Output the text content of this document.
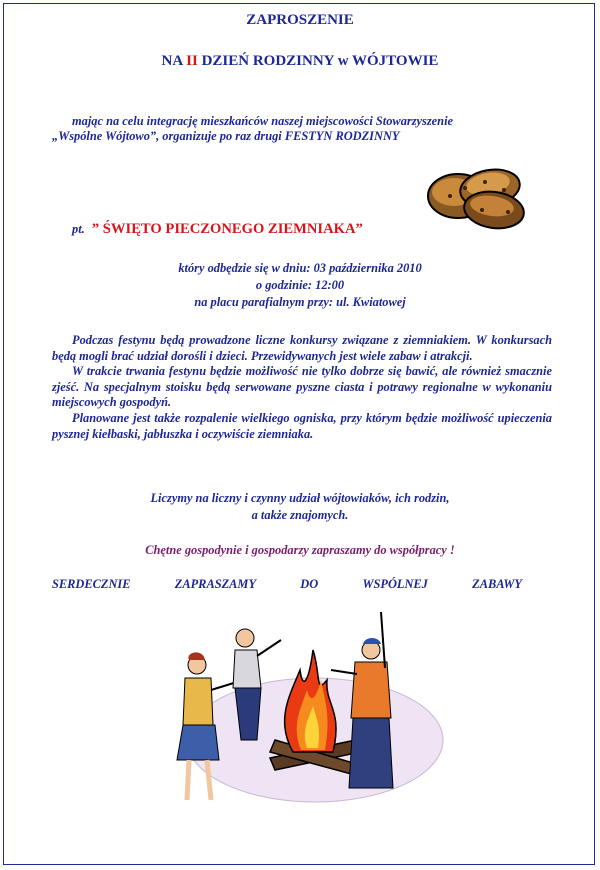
ZAPROSZENIE
NA II DZIEŃ RODZINNY w WÓJTOWIE

mając na celu integrację mieszkańców naszej miejscowości Stowarzyszenie

„Wspólne Wójtowo”, organizuje po raz drugi FESTYN RODZINNY

pt. ” ŚWIĘTO PIECZONEGO ZIEMNIAKA”
który odbędzie się w dniu: 03 października 2010
o godzinie: 12:00
na placu parafialnym przy: ul. Kwiatowej

Podczas festynu będą prowadzone liczne konkursy związane z ziemniakiem. W konkursach będą mogli brać udział dorośli i dzieci. Przewidywanych jest wiele zabaw i atrakcji.

W trakcie trwania festynu będzie możliwość nie tylko dobrze się bawić, ale również smacznie zjeść. Na specjalnym stoisku będą serwowane pyszne ciasta i potrawy regionalne w wykonaniu miejscowych gospodyń.

Planowane jest także rozpalenie wielkiego ogniska, przy którym będzie możliwość upieczenia pysznej kiełbaski, jabłuszka i oczywiście ziemniaka.

Liczymy na liczny i czynny udział wójtowiaków, ich rodzin,

a także znajomych.

Chętne gospodynie i gospodarzy zapraszamy do współpracy !
SERDECZNIE	ZAPRASZAMY	DO	WSPÓLNEJ	ZABAWY
